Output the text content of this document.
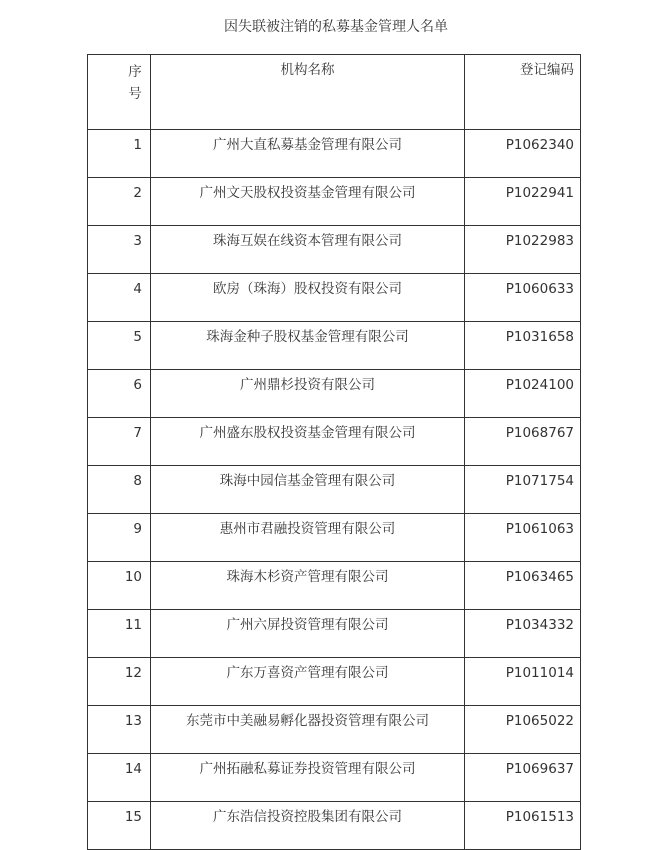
因失联被注销的私募基金管理人名单
序号	机构名称	登记编码
1	广州大直私募基金管理有限公司	P1062340
2	广州文天股权投资基金管理有限公司	P1022941
3	珠海互娱在线资本管理有限公司	P1022983
4	欧房（珠海）股权投资有限公司	P1060633
5	珠海金种子股权基金管理有限公司	P1031658
6	广州鼎杉投资有限公司	P1024100
7	广州盛东股权投资基金管理有限公司	P1068767
8	珠海中园信基金管理有限公司	P1071754
9	惠州市君融投资管理有限公司	P1061063
10	珠海木杉资产管理有限公司	P1063465
11	广州六屏投资管理有限公司	P1034332
12	广东万喜资产管理有限公司	P1011014
13	东莞市中美融易孵化器投资管理有限公司	P1065022
14	广州拓融私募证券投资管理有限公司	P1069637
15	广东浩信投资控股集团有限公司	P1061513
